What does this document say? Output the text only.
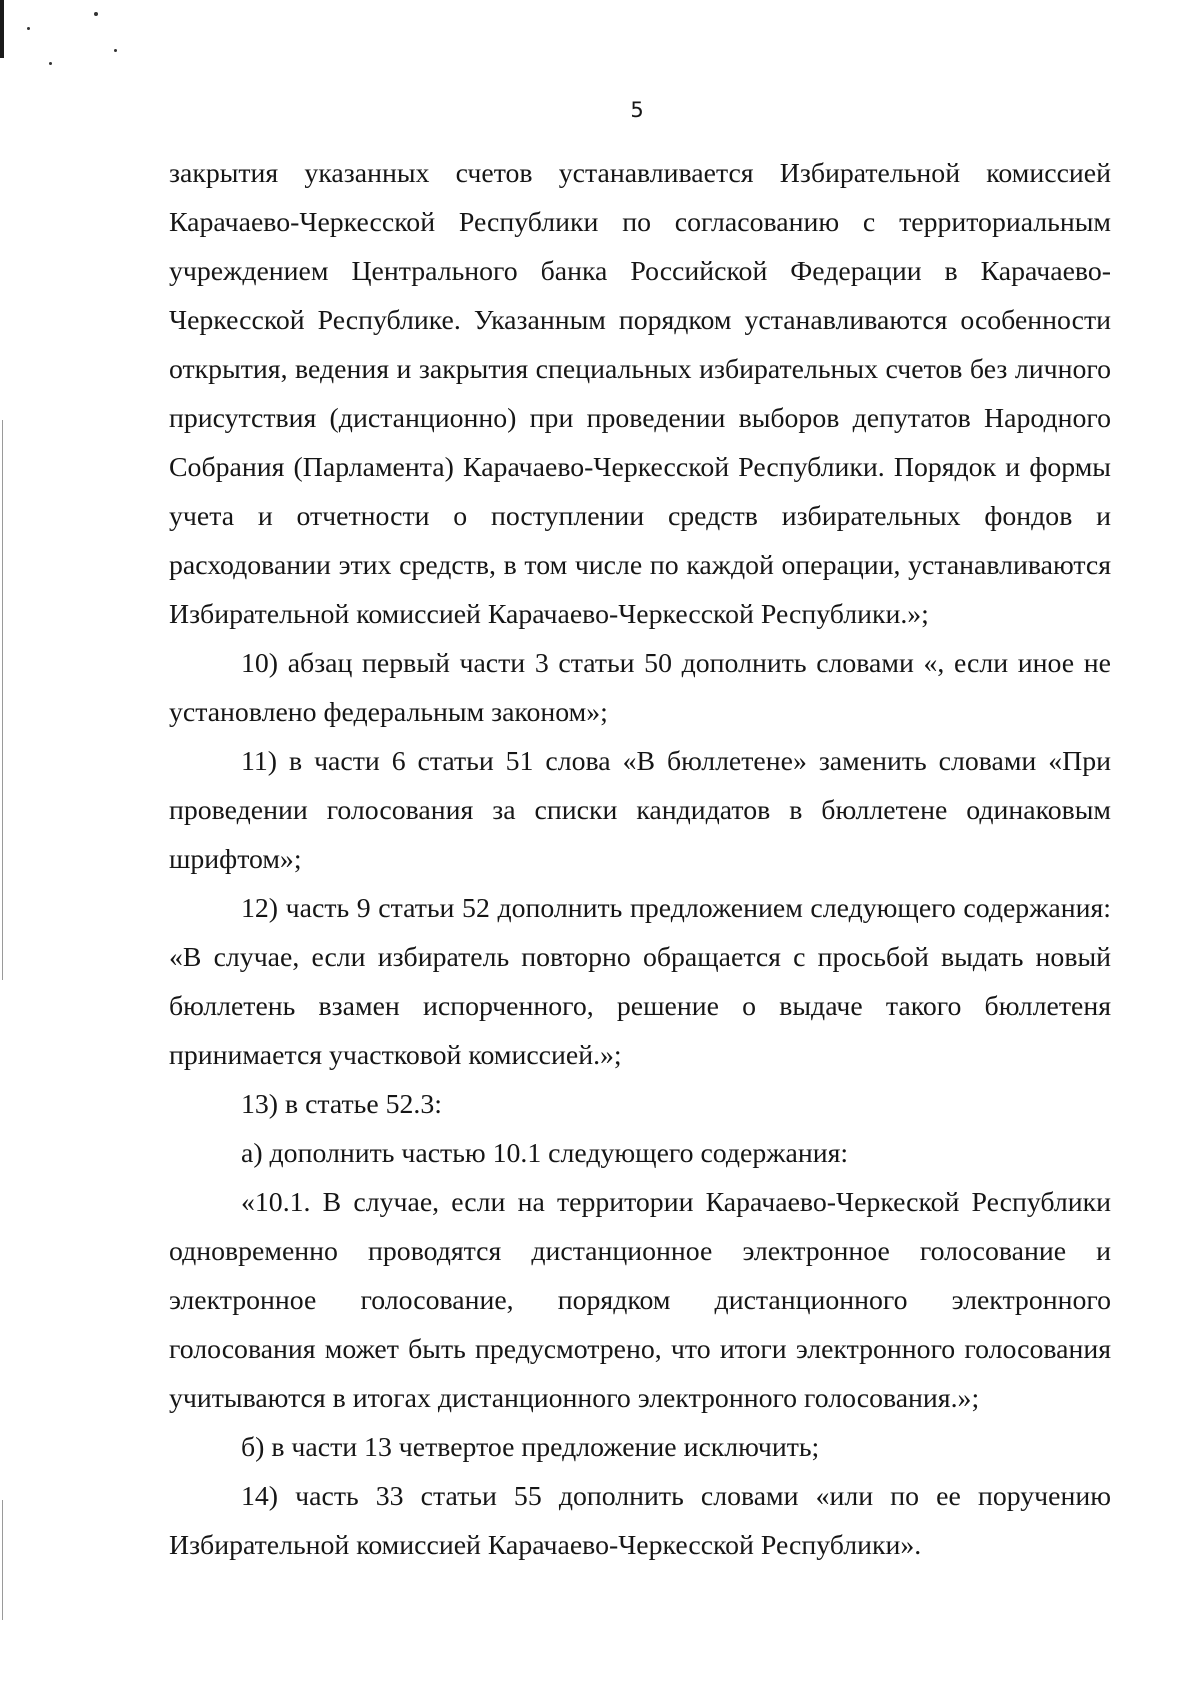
5

закрытия указанных счетов устанавливается Избирательной комиссией Карачаево-Черкесской Республики по согласованию с территориальным учреждением Центрального банка Российской Федерации в Карачаево-Черкесской Республике. Указанным порядком устанавливаются особенности открытия, ведения и закрытия специальных избирательных счетов без личного присутствия (дистанционно) при проведении выборов депутатов Народного Собрания (Парламента) Карачаево-Черкесской Республики. Порядок и формы учета и отчетности о поступлении средств избирательных фондов и расходовании этих средств, в том числе по каждой операции, устанавливаются Избирательной комиссией Карачаево-Черкесской Республики.»;

10) абзац первый части 3 статьи 50 дополнить словами «, если иное не установлено федеральным законом»;

11) в части 6 статьи 51 слова «В бюллетене» заменить словами «При проведении голосования за списки кандидатов в бюллетене одинаковым шрифтом»;

12) часть 9 статьи 52 дополнить предложением следующего содержания: «В случае, если избиратель повторно обращается с просьбой выдать новый бюллетень взамен испорченного, решение о выдаче такого бюллетеня принимается участковой комиссией.»;

13) в статье 52.3:

а) дополнить частью 10.1 следующего содержания:

«10.1. В случае, если на территории Карачаево-Черкеской Республики одновременно проводятся дистанционное электронное голосование и электронное голосование, порядком дистанционного электронного голосования может быть предусмотрено, что итоги электронного голосования учитываются в итогах дистанционного электронного голосования.»;

б) в части 13 четвертое предложение исключить;

14) часть 33 статьи 55 дополнить словами «или по ее поручению Избирательной комиссией Карачаево-Черкесской Республики».
